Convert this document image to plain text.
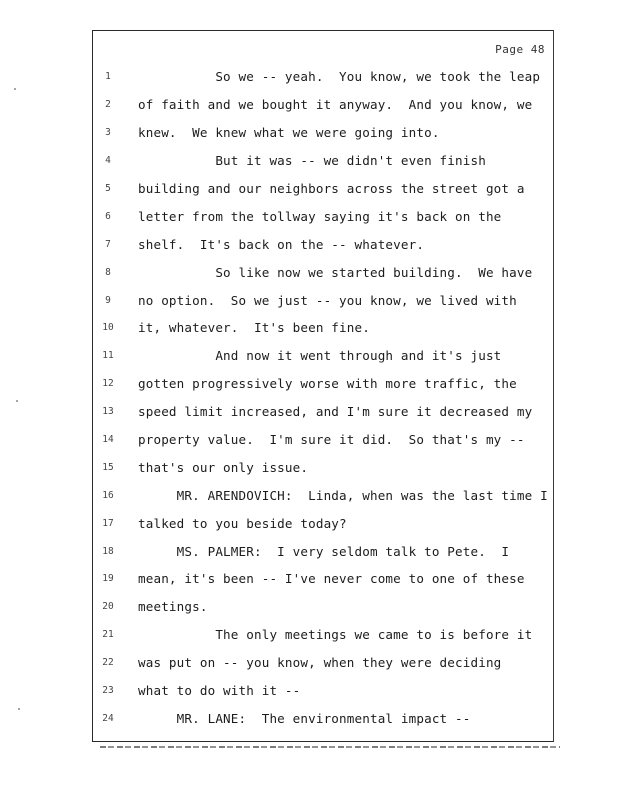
Page 48
1	So we -- yeah.  You know, we took the leap
2	of faith and we bought it anyway.  And you know, we
3	knew.  We knew what we were going into.
4	But it was -- we didn't even finish
5	building and our neighbors across the street got a
6	letter from the tollway saying it's back on the
7	shelf.  It's back on the -- whatever.
8	So like now we started building.  We have
9	no option.  So we just -- you know, we lived with
10 it, whatever.  It's been fine.
11 And now it went through and it's just
12 gotten progressively worse with more traffic, the
13 speed limit increased, and I'm sure it decreased my
14 property value.  I'm sure it did.  So that's my --
15 that's our only issue.
16 MR. ARENDOVICH:  Linda, when was the last time I
17 talked to you beside today?
18 MS. PALMER:  I very seldom talk to Pete.  I
19 mean, it's been -- I've never come to one of these
20 meetings.
21 The only meetings we came to is before it
22 was put on -- you know, when they were deciding
23 what to do with it --
24 MR. LANE:  The environmental impact --
